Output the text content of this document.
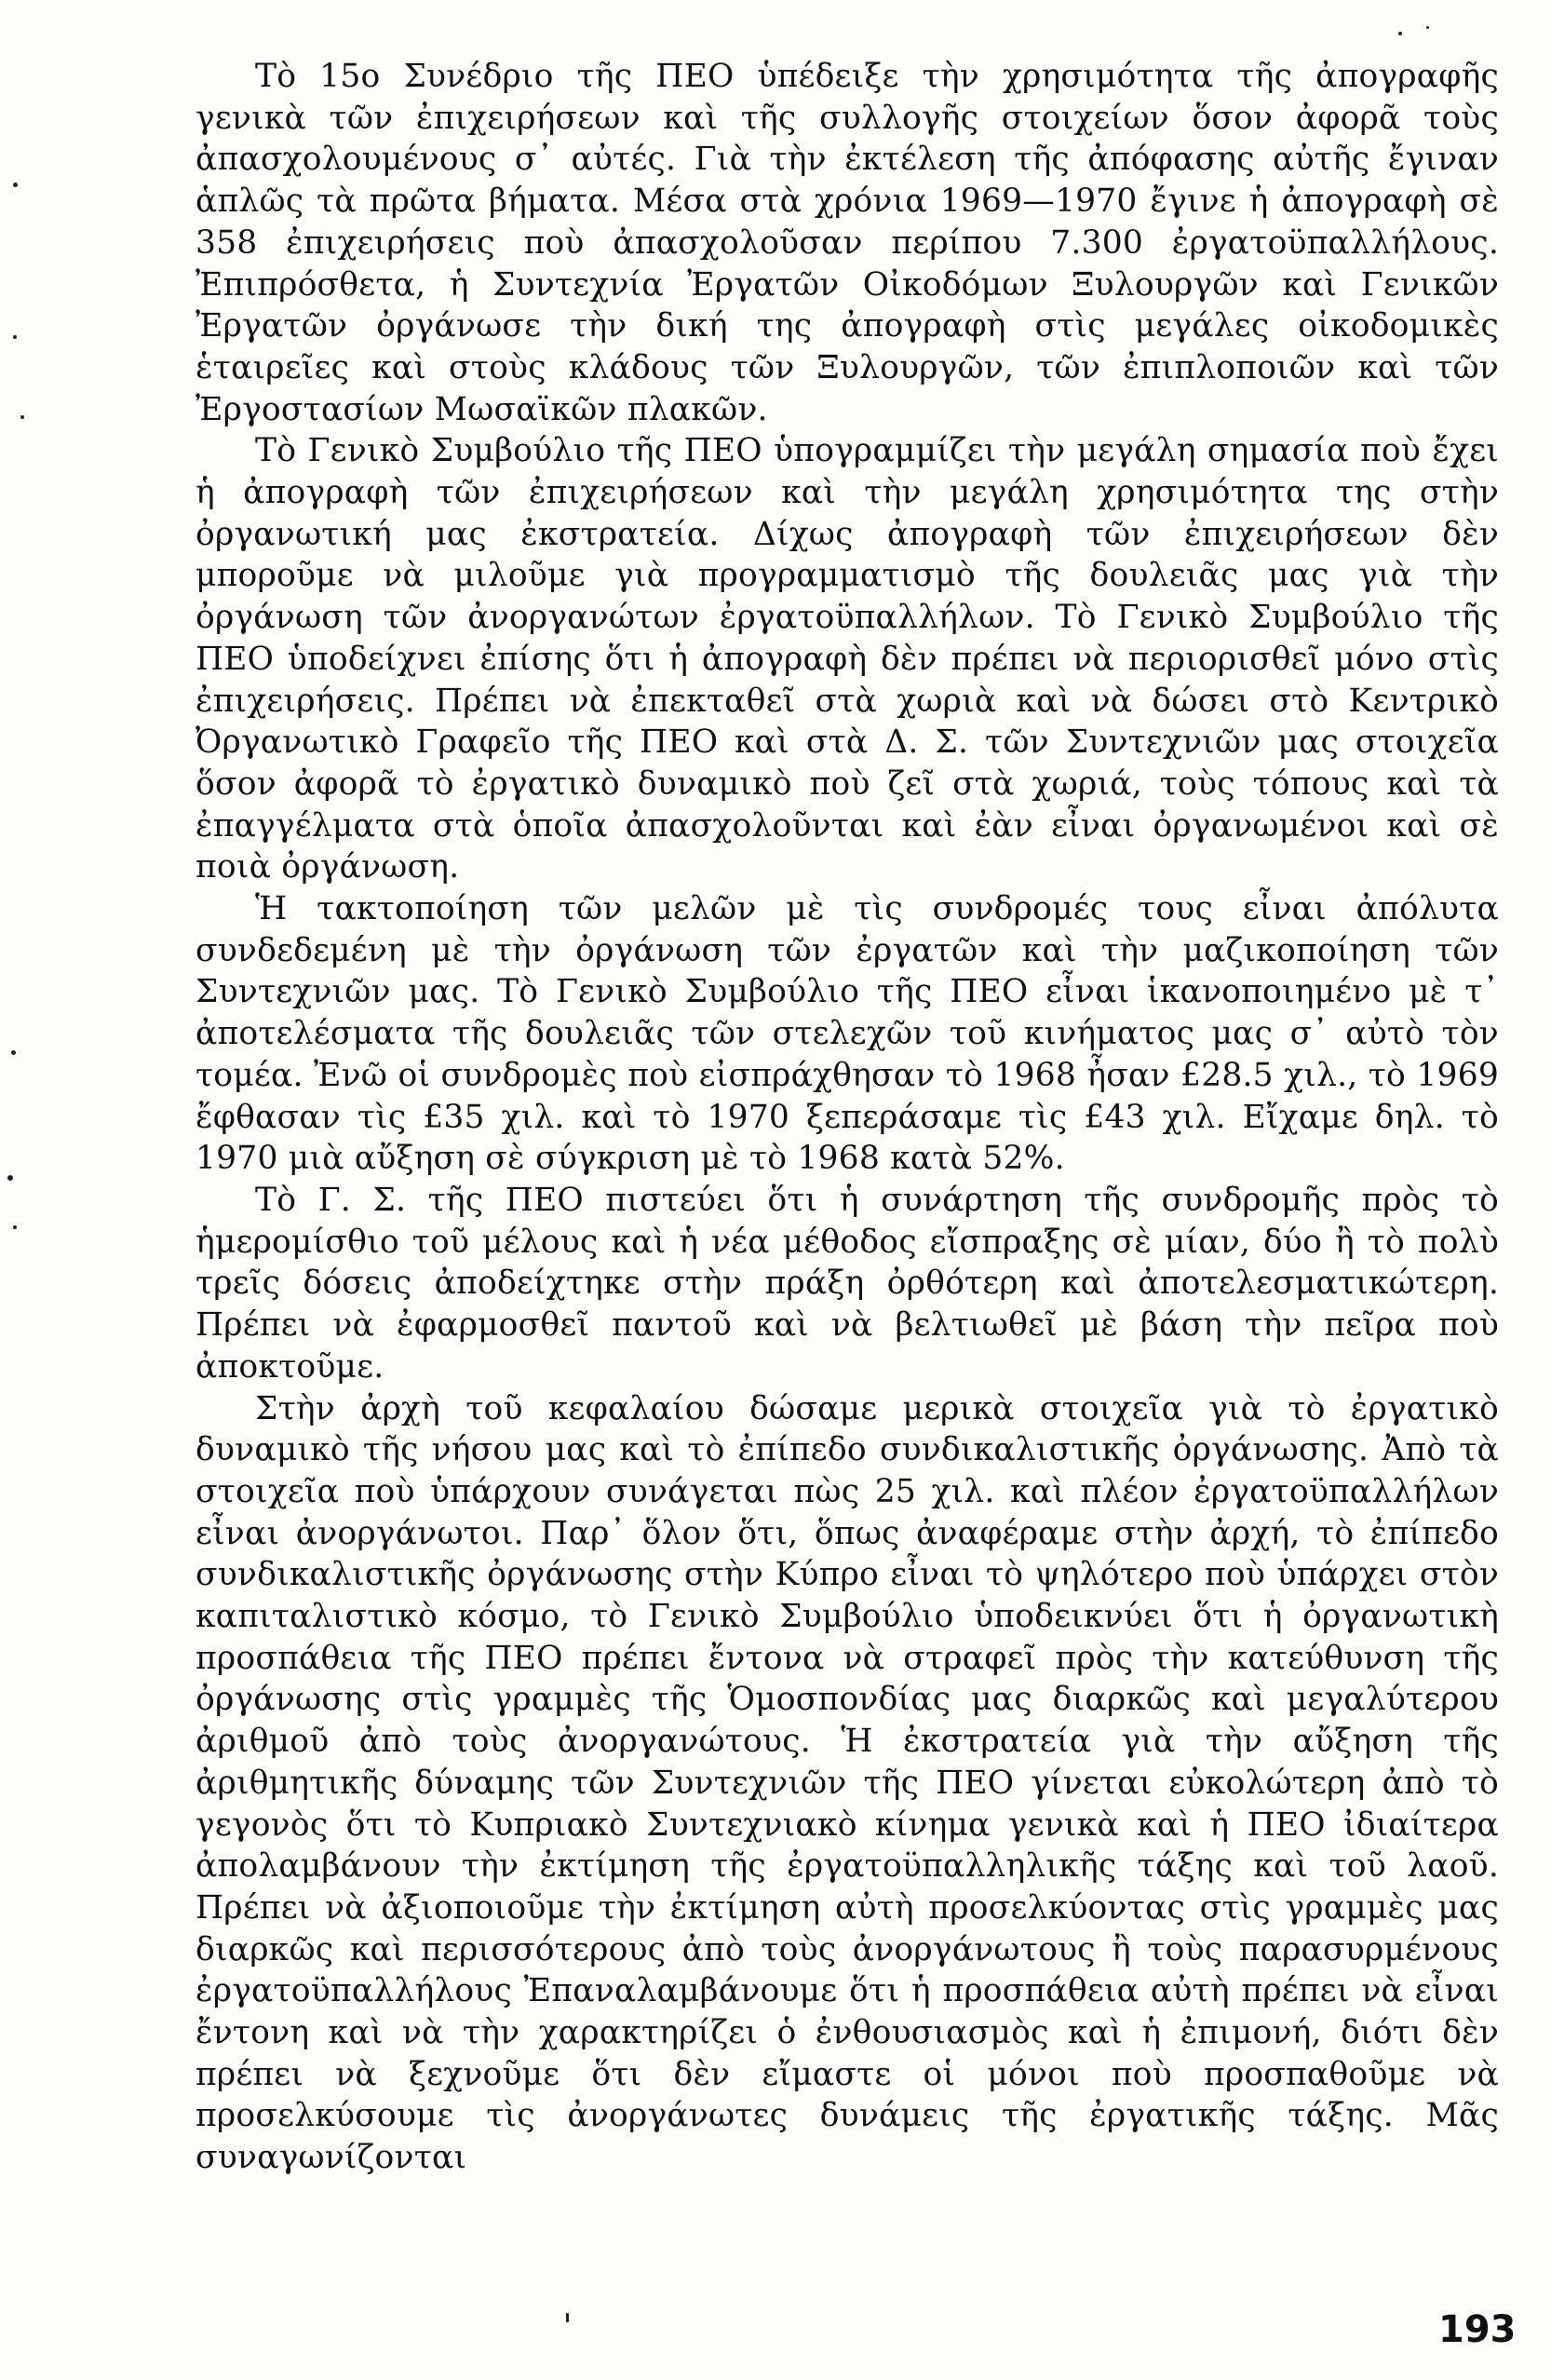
Τὸ 15ο Συνέδριο τῆς ΠΕΟ ὑπέδειξε τὴν χρησιμότητα τῆς ἀπογραφῆς γενικὰ τῶν ἐπιχειρήσεων καὶ τῆς συλλογῆς στοιχείων ὅσον ἀφορᾶ τοὺς ἀπασχολουμένους σ᾽ αὐτές. Γιὰ τὴν ἐκτέλεση τῆς ἀπόφασης αὐτῆς ἔγιναν ἁπλῶς τὰ πρῶτα βήματα. Μέσα στὰ χρόνια 1969—1970 ἔγινε ἡ ἀπογραφὴ σὲ 358 ἐπιχειρήσεις ποὺ ἀπασχολοῦσαν περίπου 7.300 ἐργατοϋπαλλήλους. Ἐπιπρόσθετα, ἡ Συντεχνία Ἐργατῶν Οἰκοδόμων Ξυλουργῶν καὶ Γενικῶν Ἐργατῶν ὀργάνωσε τὴν δική της ἀπογραφὴ στὶς μεγάλες οἰκοδομικὲς ἑταιρεῖες καὶ στοὺς κλάδους τῶν Ξυλουργῶν, τῶν ἐπιπλοποιῶν καὶ τῶν Ἐργοστασίων Μωσαϊκῶν πλακῶν.

Τὸ Γενικὸ Συμβούλιο τῆς ΠΕΟ ὑπογραμμίζει τὴν μεγάλη σημασία ποὺ ἔχει ἡ ἀπογραφὴ τῶν ἐπιχειρήσεων καὶ τὴν μεγάλη χρησιμότητα της στὴν ὀργανωτική μας ἐκστρατεία. Δίχως ἀπογραφὴ τῶν ἐπιχειρήσεων δὲν μποροῦμε νὰ μιλοῦμε γιὰ προγραμματισμὸ τῆς δουλειᾶς μας γιὰ τὴν ὀργάνωση τῶν ἀνοργανώτων ἐργατοϋπαλλήλων. Τὸ Γενικὸ Συμβούλιο τῆς ΠΕΟ ὑποδείχνει ἐπίσης ὅτι ἡ ἀπογραφὴ δὲν πρέπει νὰ περιορισθεῖ μόνο στὶς ἐπιχειρήσεις. Πρέπει νὰ ἐπεκταθεῖ στὰ χωριὰ καὶ νὰ δώσει στὸ Κεντρικὸ Ὀργανωτικὸ Γραφεῖο τῆς ΠΕΟ καὶ στὰ Δ. Σ. τῶν Συντεχνιῶν μας στοιχεῖα ὅσον ἀφορᾶ τὸ ἐργατικὸ δυναμικὸ ποὺ ζεῖ στὰ χωριά, τοὺς τόπους καὶ τὰ ἐπαγγέλματα στὰ ὁποῖα ἀπασχολοῦνται καὶ ἐὰν εἶναι ὀργανωμένοι καὶ σὲ ποιὰ ὀργάνωση.

Ἡ τακτοποίηση τῶν μελῶν μὲ τὶς συνδρομές τους εἶναι ἀπόλυτα συνδεδεμένη μὲ τὴν ὀργάνωση τῶν ἐργατῶν καὶ τὴν μαζικοποίηση τῶν Συντεχνιῶν μας. Τὸ Γενικὸ Συμβούλιο τῆς ΠΕΟ εἶναι ἱκανοποιημένο μὲ τ᾽ ἀποτελέσματα τῆς δουλειᾶς τῶν στελεχῶν τοῦ κινήματος μας σ᾽ αὐτὸ τὸν τομέα. Ἐνῶ οἱ συνδρομὲς ποὺ εἰσπράχθησαν τὸ 1968 ἦσαν £28.5 χιλ., τὸ 1969 ἔφθασαν τὶς £35 χιλ. καὶ τὸ 1970 ξεπεράσαμε τὶς £43 χιλ. Εἴχαμε δηλ. τὸ 1970 μιὰ αὔξηση σὲ σύγκριση μὲ τὸ 1968 κατὰ 52%.

Τὸ Γ. Σ. τῆς ΠΕΟ πιστεύει ὅτι ἡ συνάρτηση τῆς συνδρομῆς πρὸς τὸ ἡμερομίσθιο τοῦ μέλους καὶ ἡ νέα μέθοδος εἴσπραξης σὲ μίαν, δύο ἢ τὸ πολὺ τρεῖς δόσεις ἀποδείχτηκε στὴν πράξη ὀρθότερη καὶ ἀποτελεσματικώτερη. Πρέπει νὰ ἐφαρμοσθεῖ παντοῦ καὶ νὰ βελτιωθεῖ μὲ βάση τὴν πεῖρα ποὺ ἀποκτοῦμε.

Στὴν ἀρχὴ τοῦ κεφαλαίου δώσαμε μερικὰ στοιχεῖα γιὰ τὸ ἐργατικὸ δυναμικὸ τῆς νήσου μας καὶ τὸ ἐπίπεδο συνδικαλιστικῆς ὀργάνωσης. Ἀπὸ τὰ στοιχεῖα ποὺ ὑπάρχουν συνάγεται πὼς 25 χιλ. καὶ πλέον ἐργατοϋπαλλήλων εἶναι ἀνοργάνωτοι. Παρ᾽ ὅλον ὅτι, ὅπως ἀναφέραμε στὴν ἀρχή, τὸ ἐπίπεδο συνδικαλιστικῆς ὀργάνωσης στὴν Κύπρο εἶναι τὸ ψηλότερο ποὺ ὑπάρχει στὸν καπιταλιστικὸ κόσμο, τὸ Γενικὸ Συμβούλιο ὑποδεικνύει ὅτι ἡ ὀργανωτικὴ προσπάθεια τῆς ΠΕΟ πρέπει ἔντονα νὰ στραφεῖ πρὸς τὴν κατεύθυνση τῆς ὀργάνωσης στὶς γραμμὲς τῆς Ὁμοσπονδίας μας διαρκῶς καὶ μεγαλύτερου ἀριθμοῦ ἀπὸ τοὺς ἀνοργανώτους. Ἡ ἐκστρατεία γιὰ τὴν αὔξηση τῆς ἀριθμητικῆς δύναμης τῶν Συντεχνιῶν τῆς ΠΕΟ γίνεται εὐκολώτερη ἀπὸ τὸ γεγονὸς ὅτι τὸ Κυπριακὸ Συντεχνιακὸ κίνημα γενικὰ καὶ ἡ ΠΕΟ ἰδιαίτερα ἀπολαμβάνουν τὴν ἐκτίμηση τῆς ἐργατοϋπαλληλικῆς τάξης καὶ τοῦ λαοῦ. Πρέπει νὰ ἀξιοποιοῦμε τὴν ἐκτίμηση αὐτὴ προσελκύοντας στὶς γραμμὲς μας διαρκῶς καὶ περισσότερους ἀπὸ τοὺς ἀνοργάνωτους ἢ τοὺς παρασυρμένους ἐργατοϋπαλλήλους Ἐπαναλαμβάνουμε ὅτι ἡ προσπάθεια αὐτὴ πρέπει νὰ εἶναι ἔντονη καὶ νὰ τὴν χαρακτηρίζει ὁ ἐνθουσιασμὸς καὶ ἡ ἐπιμονή, διότι δὲν πρέπει νὰ ξεχνοῦμε ὅτι δὲν εἴμαστε οἱ μόνοι ποὺ προσπαθοῦμε νὰ προσελκύσουμε τὶς ἀνοργάνωτες δυνάμεις τῆς ἐργατικῆς τάξης. Μᾶς συναγωνίζονται

193
